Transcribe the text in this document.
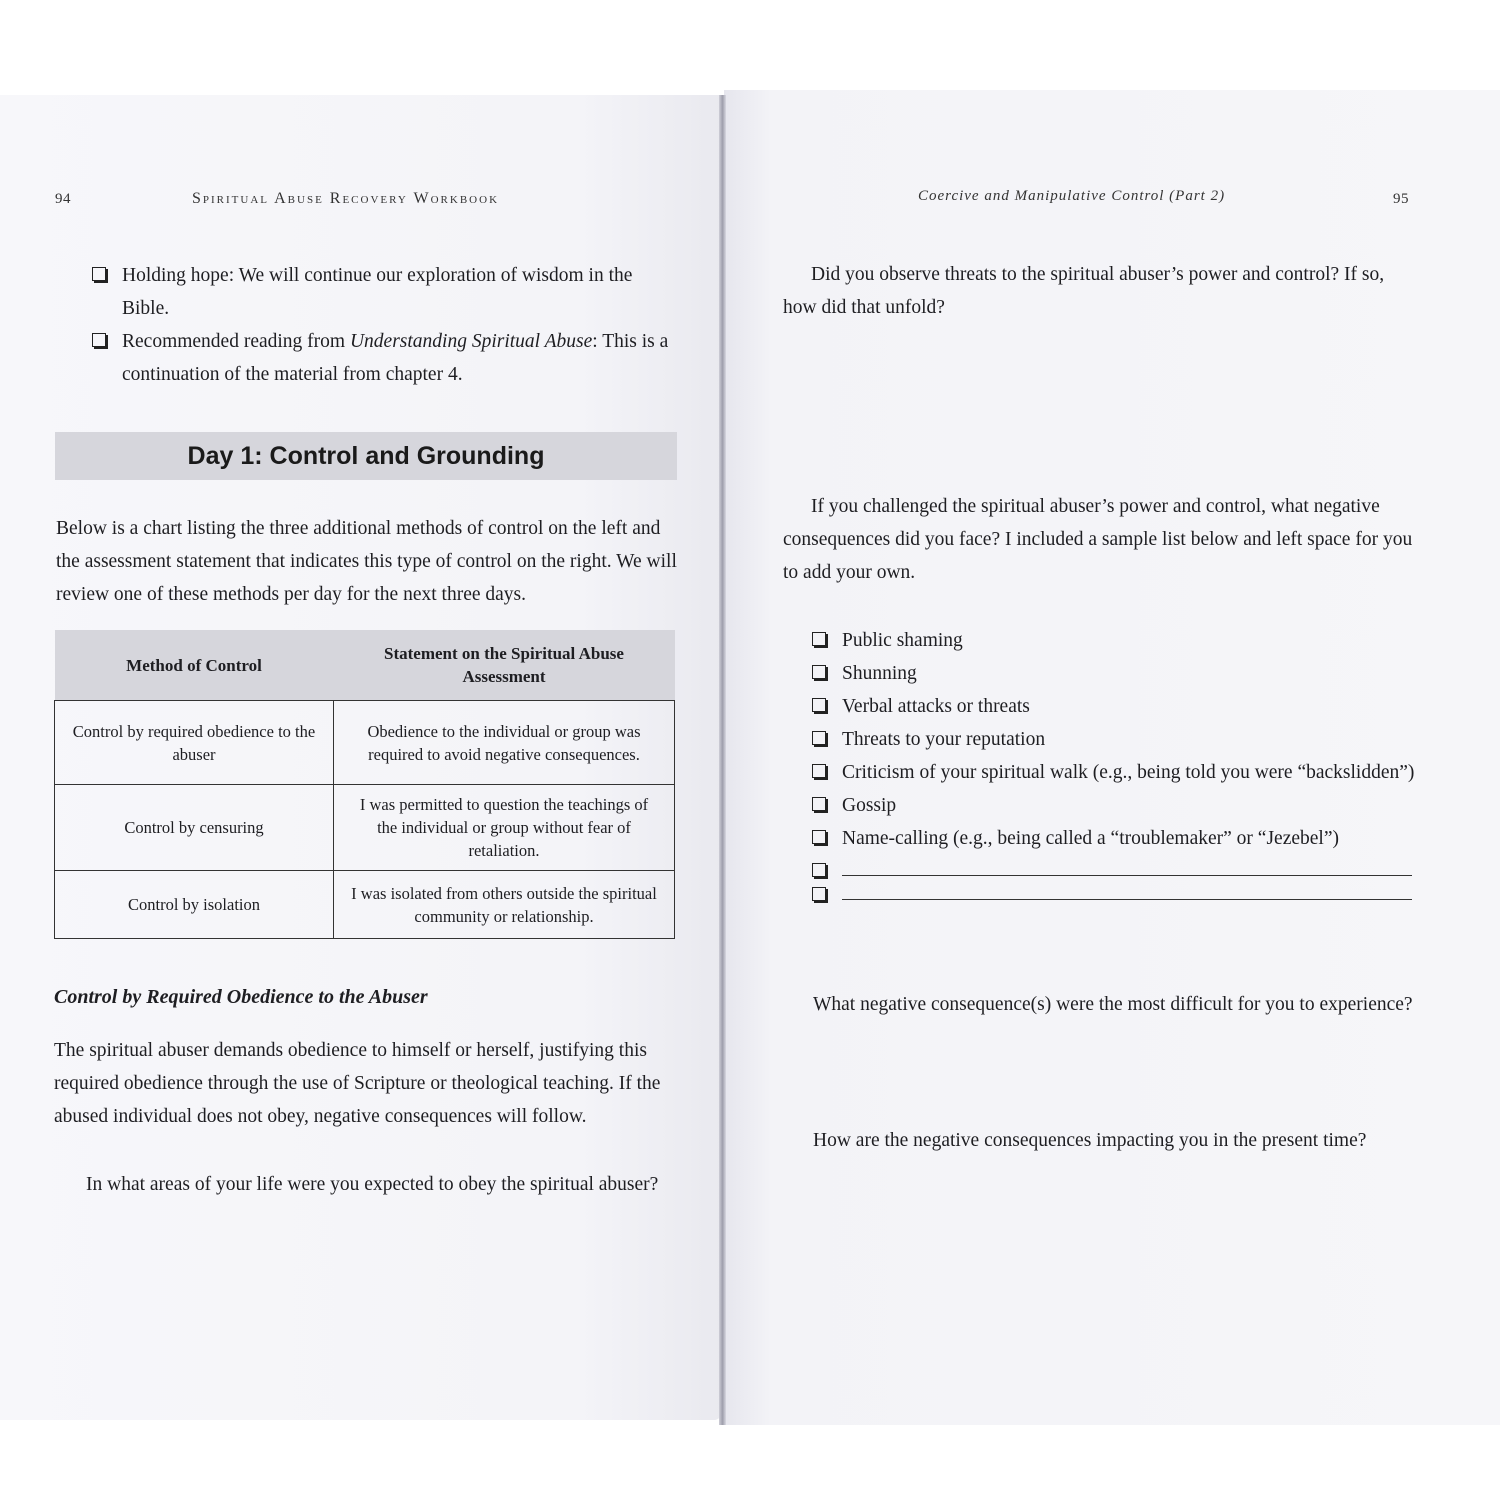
94	Spiritual Abuse Recovery Workbook
Holding hope: We will continue our exploration of wisdom in the Bible.
Recommended reading from Understanding Spiritual Abuse: This is a continuation of the material from chapter 4.
Day 1: Control and Grounding
Below is a chart listing the three additional methods of control on the left and the assessment statement that indicates this type of control on the right. We will review one of these methods per day for the next three days.
Method of Control	Statement on the Spiritual Abuse Assessment
Control by required obedience to the abuser	Obedience to the individual or group was required to avoid negative consequences.
Control by censuring	I was permitted to question the teachings of the individual or group without fear of retaliation.
Control by isolation	I was isolated from others outside the spiritual community or relationship.
Control by Required Obedience to the Abuser
The spiritual abuser demands obedience to himself or herself, justifying this required obedience through the use of Scripture or theological teaching. If the abused individual does not obey, negative consequences will follow.
In what areas of your life were you expected to obey the spiritual abuser?
Coercive and Manipulative Control (Part 2)	95
Did you observe threats to the spiritual abuser’s power and control? If so, how did that unfold?
If you challenged the spiritual abuser’s power and control, what negative consequences did you face? I included a sample list below and left space for you to add your own.
Public shaming
Shunning
Verbal attacks or threats
Threats to your reputation
Criticism of your spiritual walk (e.g., being told you were “backslidden”)
Gossip
Name-calling (e.g., being called a “troublemaker” or “Jezebel”)
What negative consequence(s) were the most difficult for you to experience?
How are the negative consequences impacting you in the present time?
